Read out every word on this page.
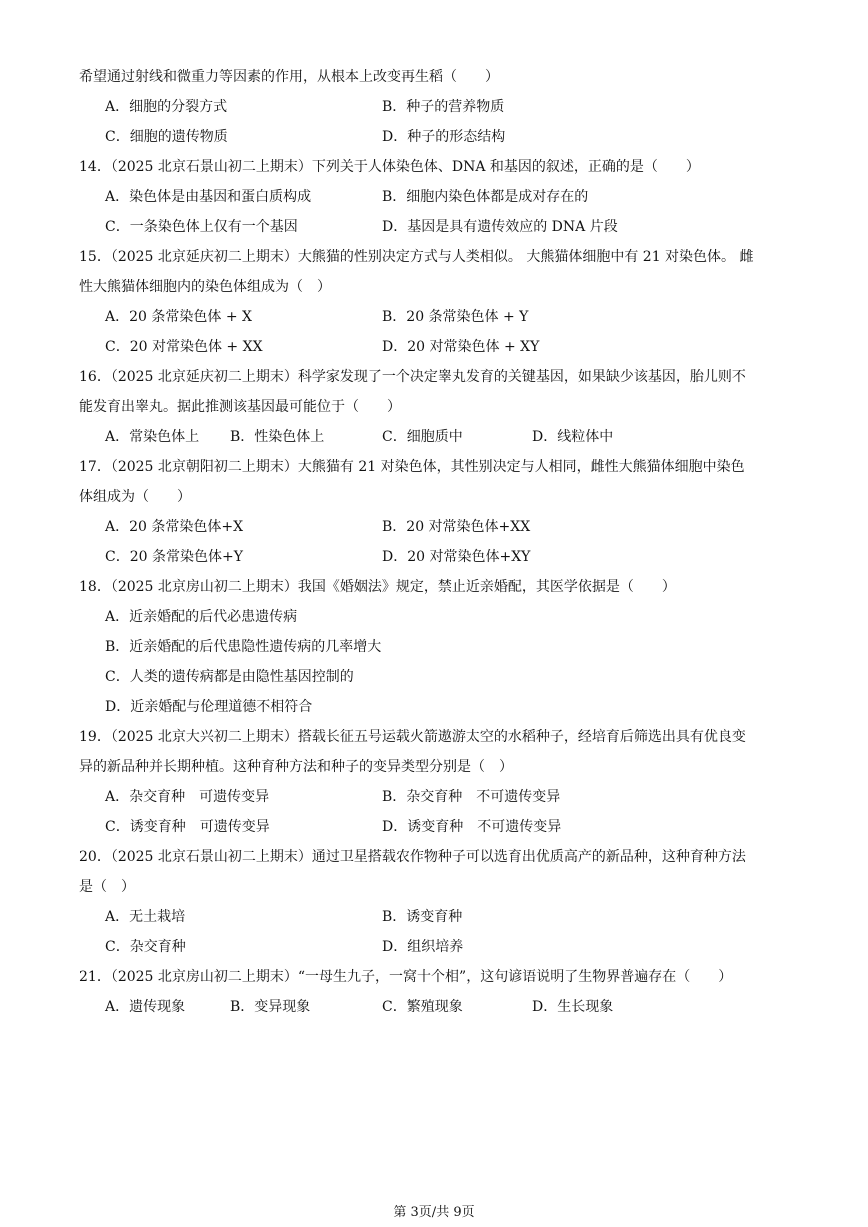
希望通过射线和微重力等因素的作用，从根本上改变再生稻（　　）
A．细胞的分裂方式	B．种子的营养物质
C．细胞的遗传物质	D．种子的形态结构
14．（2025 北京石景山初二上期末）下列关于人体染色体、DNA 和基因的叙述，正确的是（　　）
A．染色体是由基因和蛋白质构成	B．细胞内染色体都是成对存在的
C．一条染色体上仅有一个基因	D．基因是具有遗传效应的 DNA 片段
15．（2025 北京延庆初二上期末）大熊猫的性别决定方式与人类相似。 大熊猫体细胞中有 21 对染色体。 雌
性大熊猫体细胞内的染色体组成为（　）
A．20 条常染色体 + X	B．20 条常染色体 + Y
C．20 对常染色体 + XX	D．20 对常染色体 + XY
16．（2025 北京延庆初二上期末）科学家发现了一个决定睾丸发育的关键基因，如果缺少该基因，胎儿则不
能发育出睾丸。据此推测该基因最可能位于（　　）
A．常染色体上	B．性染色体上	C．细胞质中	D．线粒体中
17．（2025 北京朝阳初二上期末）大熊猫有 21 对染色体，其性别决定与人相同，雌性大熊猫体细胞中染色
体组成为（　　）
A．20 条常染色体+X	B．20 对常染色体+XX
C．20 条常染色体+Y	D．20 对常染色体+XY
18．（2025 北京房山初二上期末）我国《婚姻法》规定，禁止近亲婚配，其医学依据是（　　）
A．近亲婚配的后代必患遗传病
B．近亲婚配的后代患隐性遗传病的几率增大
C．人类的遗传病都是由隐性基因控制的
D．近亲婚配与伦理道德不相符合
19．（2025 北京大兴初二上期末）搭载长征五号运载火箭遨游太空的水稻种子，经培育后筛选出具有优良变
异的新品种并长期种植。这种育种方法和种子的变异类型分别是（　）
A．杂交育种　可遗传变异	B．杂交育种　不可遗传变异
C．诱变育种　可遗传变异	D．诱变育种　不可遗传变异
20．（2025 北京石景山初二上期末）通过卫星搭载农作物种子可以选育出优质高产的新品种，这种育种方法
是（　）
A．无土栽培	B．诱变育种
C．杂交育种	D．组织培养
21．（2025 北京房山初二上期末）“一母生九子，一窝十个相”，这句谚语说明了生物界普遍存在（　　）
A．遗传现象	B．变异现象	C．繁殖现象	D．生长现象
第 3页/共 9页
